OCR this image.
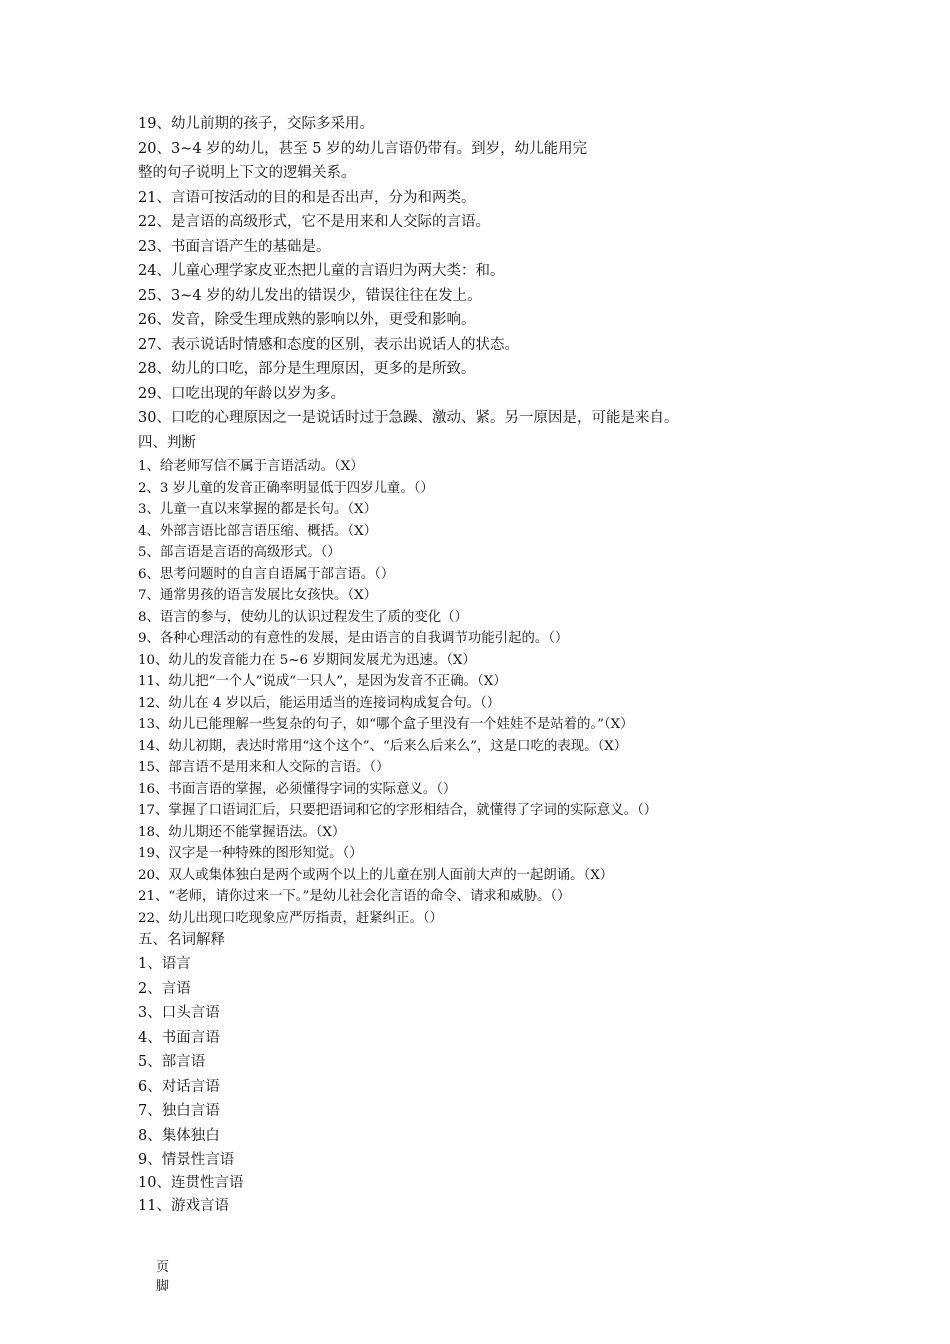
19、幼儿前期的孩子，交际多采用。
20、3~4 岁的幼儿，甚至 5 岁的幼儿言语仍带有。到岁，幼儿能用完
整的句子说明上下文的逻辑关系。
21、言语可按活动的目的和是否出声，分为和两类。
22、是言语的高级形式，它不是用来和人交际的言语。
23、书面言语产生的基础是。
24、儿童心理学家皮亚杰把儿童的言语归为两大类：和。
25、3~4 岁的幼儿发出的错误少，错误往往在发上。
26、发音，除受生理成熟的影响以外，更受和影响。
27、表示说话时情感和态度的区别，表示出说话人的状态。
28、幼儿的口吃，部分是生理原因，更多的是所致。
29、口吃出现的年龄以岁为多。
30、口吃的心理原因之一是说话时过于急躁、激动、紧。另一原因是，可能是来自。
四、判断
1、给老师写信不属于言语活动。（X）
2、3 岁儿童的发音正确率明显低于四岁儿童。（）
3、儿童一直以来掌握的都是长句。（X）
4、外部言语比部言语压缩、概括。（X）
5、部言语是言语的高级形式。（）
6、思考问题时的自言自语属于部言语。（）
7、通常男孩的语言发展比女孩快。（X）
8、语言的参与，使幼儿的认识过程发生了质的变化（）
9、各种心理活动的有意性的发展，是由语言的自我调节功能引起的。（）
10、幼儿的发音能力在 5~6 岁期间发展尤为迅速。（X）
11、幼儿把“一个人”说成“一只人”，是因为发音不正确。（X）
12、幼儿在 4 岁以后，能运用适当的连接词构成复合句。（）
13、幼儿已能理解一些复杂的句子，如“哪个盒子里没有一个娃娃不是站着的。”（X）
14、幼儿初期，表达时常用“这个这个”、“后来么后来么”，这是口吃的表现。（X）
15、部言语不是用来和人交际的言语。（）
16、书面言语的掌握，必须懂得字词的实际意义。（）
17、掌握了口语词汇后，只要把语词和它的字形相结合，就懂得了字词的实际意义。（）
18、幼儿期还不能掌握语法。（X）
19、汉字是一种特殊的图形知觉。（）
20、双人或集体独白是两个或两个以上的儿童在别人面前大声的一起朗诵。（X）
21、“老师，请你过来一下。”是幼儿社会化言语的命令、请求和威胁。（）
22、幼儿出现口吃现象应严厉指责，赶紧纠正。（）
五、名词解释
1、语言
2、言语
3、口头言语
4、书面言语
5、部言语
6、对话言语
7、独白言语
8、集体独白
9、情景性言语
10、连贯性言语
11、游戏言语
页
脚
